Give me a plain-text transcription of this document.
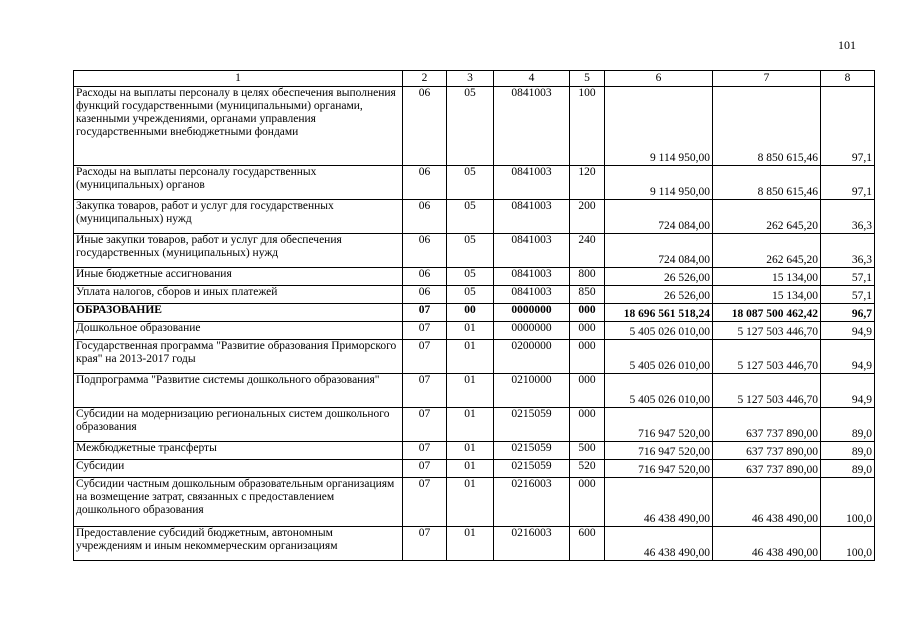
101
1	2	3	4	5	6	7	8
Расходы на выплаты персоналу в целях обеспечения выполнения функций государственными (муниципальными) органами, казенными учреждениями, органами управления государственными внебюджетными фондами	06	05	0841003	100	9 114 950,00	8 850 615,46	97,1
Расходы на выплаты персоналу государственных (муниципальных) органов	06	05	0841003	120	9 114 950,00	8 850 615,46	97,1
Закупка товаров, работ и услуг для государственных (муниципальных) нужд	06	05	0841003	200	724 084,00	262 645,20	36,3
Иные закупки товаров, работ и услуг для обеспечения государственных (муниципальных) нужд	06	05	0841003	240	724 084,00	262 645,20	36,3
Иные бюджетные ассигнования	06	05	0841003	800	26 526,00	15 134,00	57,1
Уплата налогов, сборов и иных платежей	06	05	0841003	850	26 526,00	15 134,00	57,1
ОБРАЗОВАНИЕ	07	00	0000000	000	18 696 561 518,24	18 087 500 462,42	96,7
Дошкольное образование	07	01	0000000	000	5 405 026 010,00	5 127 503 446,70	94,9
Государственная программа "Развитие образования Приморского края" на 2013-2017 годы	07	01	0200000	000	5 405 026 010,00	5 127 503 446,70	94,9
Подпрограмма "Развитие системы дошкольного образования"	07	01	0210000	000	5 405 026 010,00	5 127 503 446,70	94,9
Субсидии на модернизацию региональных систем дошкольного образования	07	01	0215059	000	716 947 520,00	637 737 890,00	89,0
Межбюджетные трансферты	07	01	0215059	500	716 947 520,00	637 737 890,00	89,0
Субсидии	07	01	0215059	520	716 947 520,00	637 737 890,00	89,0
Субсидии частным дошкольным образовательным организациям на возмещение затрат, связанных с предоставлением дошкольного образования	07	01	0216003	000	46 438 490,00	46 438 490,00	100,0
Предоставление субсидий бюджетным, автономным учреждениям и иным некоммерческим организациям	07	01	0216003	600	46 438 490,00	46 438 490,00	100,0
